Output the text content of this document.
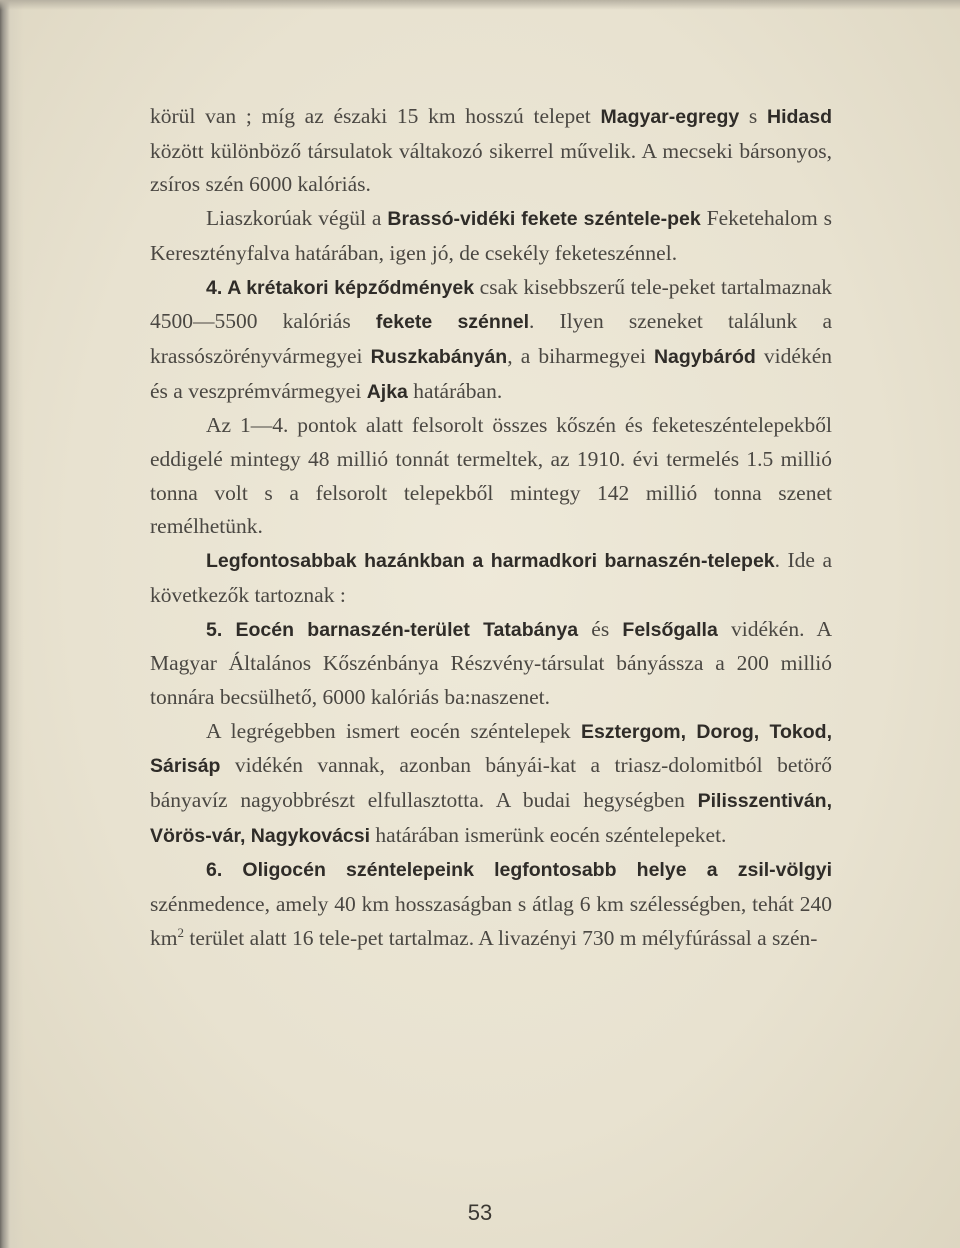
körül van ; míg az északi 15 km hosszú telepet Magyar-egregy s Hidasd között különböző társulatok váltakozó sikerrel művelik. A mecseki bársonyos, zsíros szén 6000 kalóriás.

Liaszkorúak végül a Brassó-vidéki fekete széntele-pek Feketehalom s Keresztényfalva határában, igen jó, de csekély feketeszénnel.

4. A krétakori képződmények csak kisebbszerű tele-peket tartalmaznak 4500—5500 kalóriás fekete szénnel. Ilyen szeneket találunk a krassószörényvármegyei Ruszkabányán, a biharmegyei Nagybáród vidékén és a veszprémvármegyei Ajka határában.

Az 1—4. pontok alatt felsorolt összes kőszén és feketeszéntelepekből eddigelé mintegy 48 millió tonnát termeltek, az 1910. évi termelés 1.5 millió tonna volt s a felsorolt telepekből mintegy 142 millió tonna szenet remélhetünk.

Legfontosabbak hazánkban a harmadkori barnaszén-telepek. Ide a következők tartoznak :

5. Eocén barnaszén-terület Tatabánya és Felsőgalla vidékén. A Magyar Általános Kőszénbánya Részvény-társulat bányássza a 200 millió tonnára becsülhető, 6000 kalóriás ba:naszenet.

A legrégebben ismert eocén széntelepek Esztergom, Dorog, Tokod, Sárisáp vidékén vannak, azonban bányái-kat a triasz-dolomitból betörő bányavíz nagyobbrészt elfullasztotta. A budai hegységben Pilisszentiván, Vörös-vár, Nagykovácsi határában ismerünk eocén széntelepeket.

6. Oligocén széntelepeink legfontosabb helye a zsil-völgyi szénmedence, amely 40 km hosszaságban s átlag 6 km szélességben, tehát 240 $km^2$ terület alatt 16 tele-pet tartalmaz. A livazényi 730 m mélyfúrással a szén-

53
